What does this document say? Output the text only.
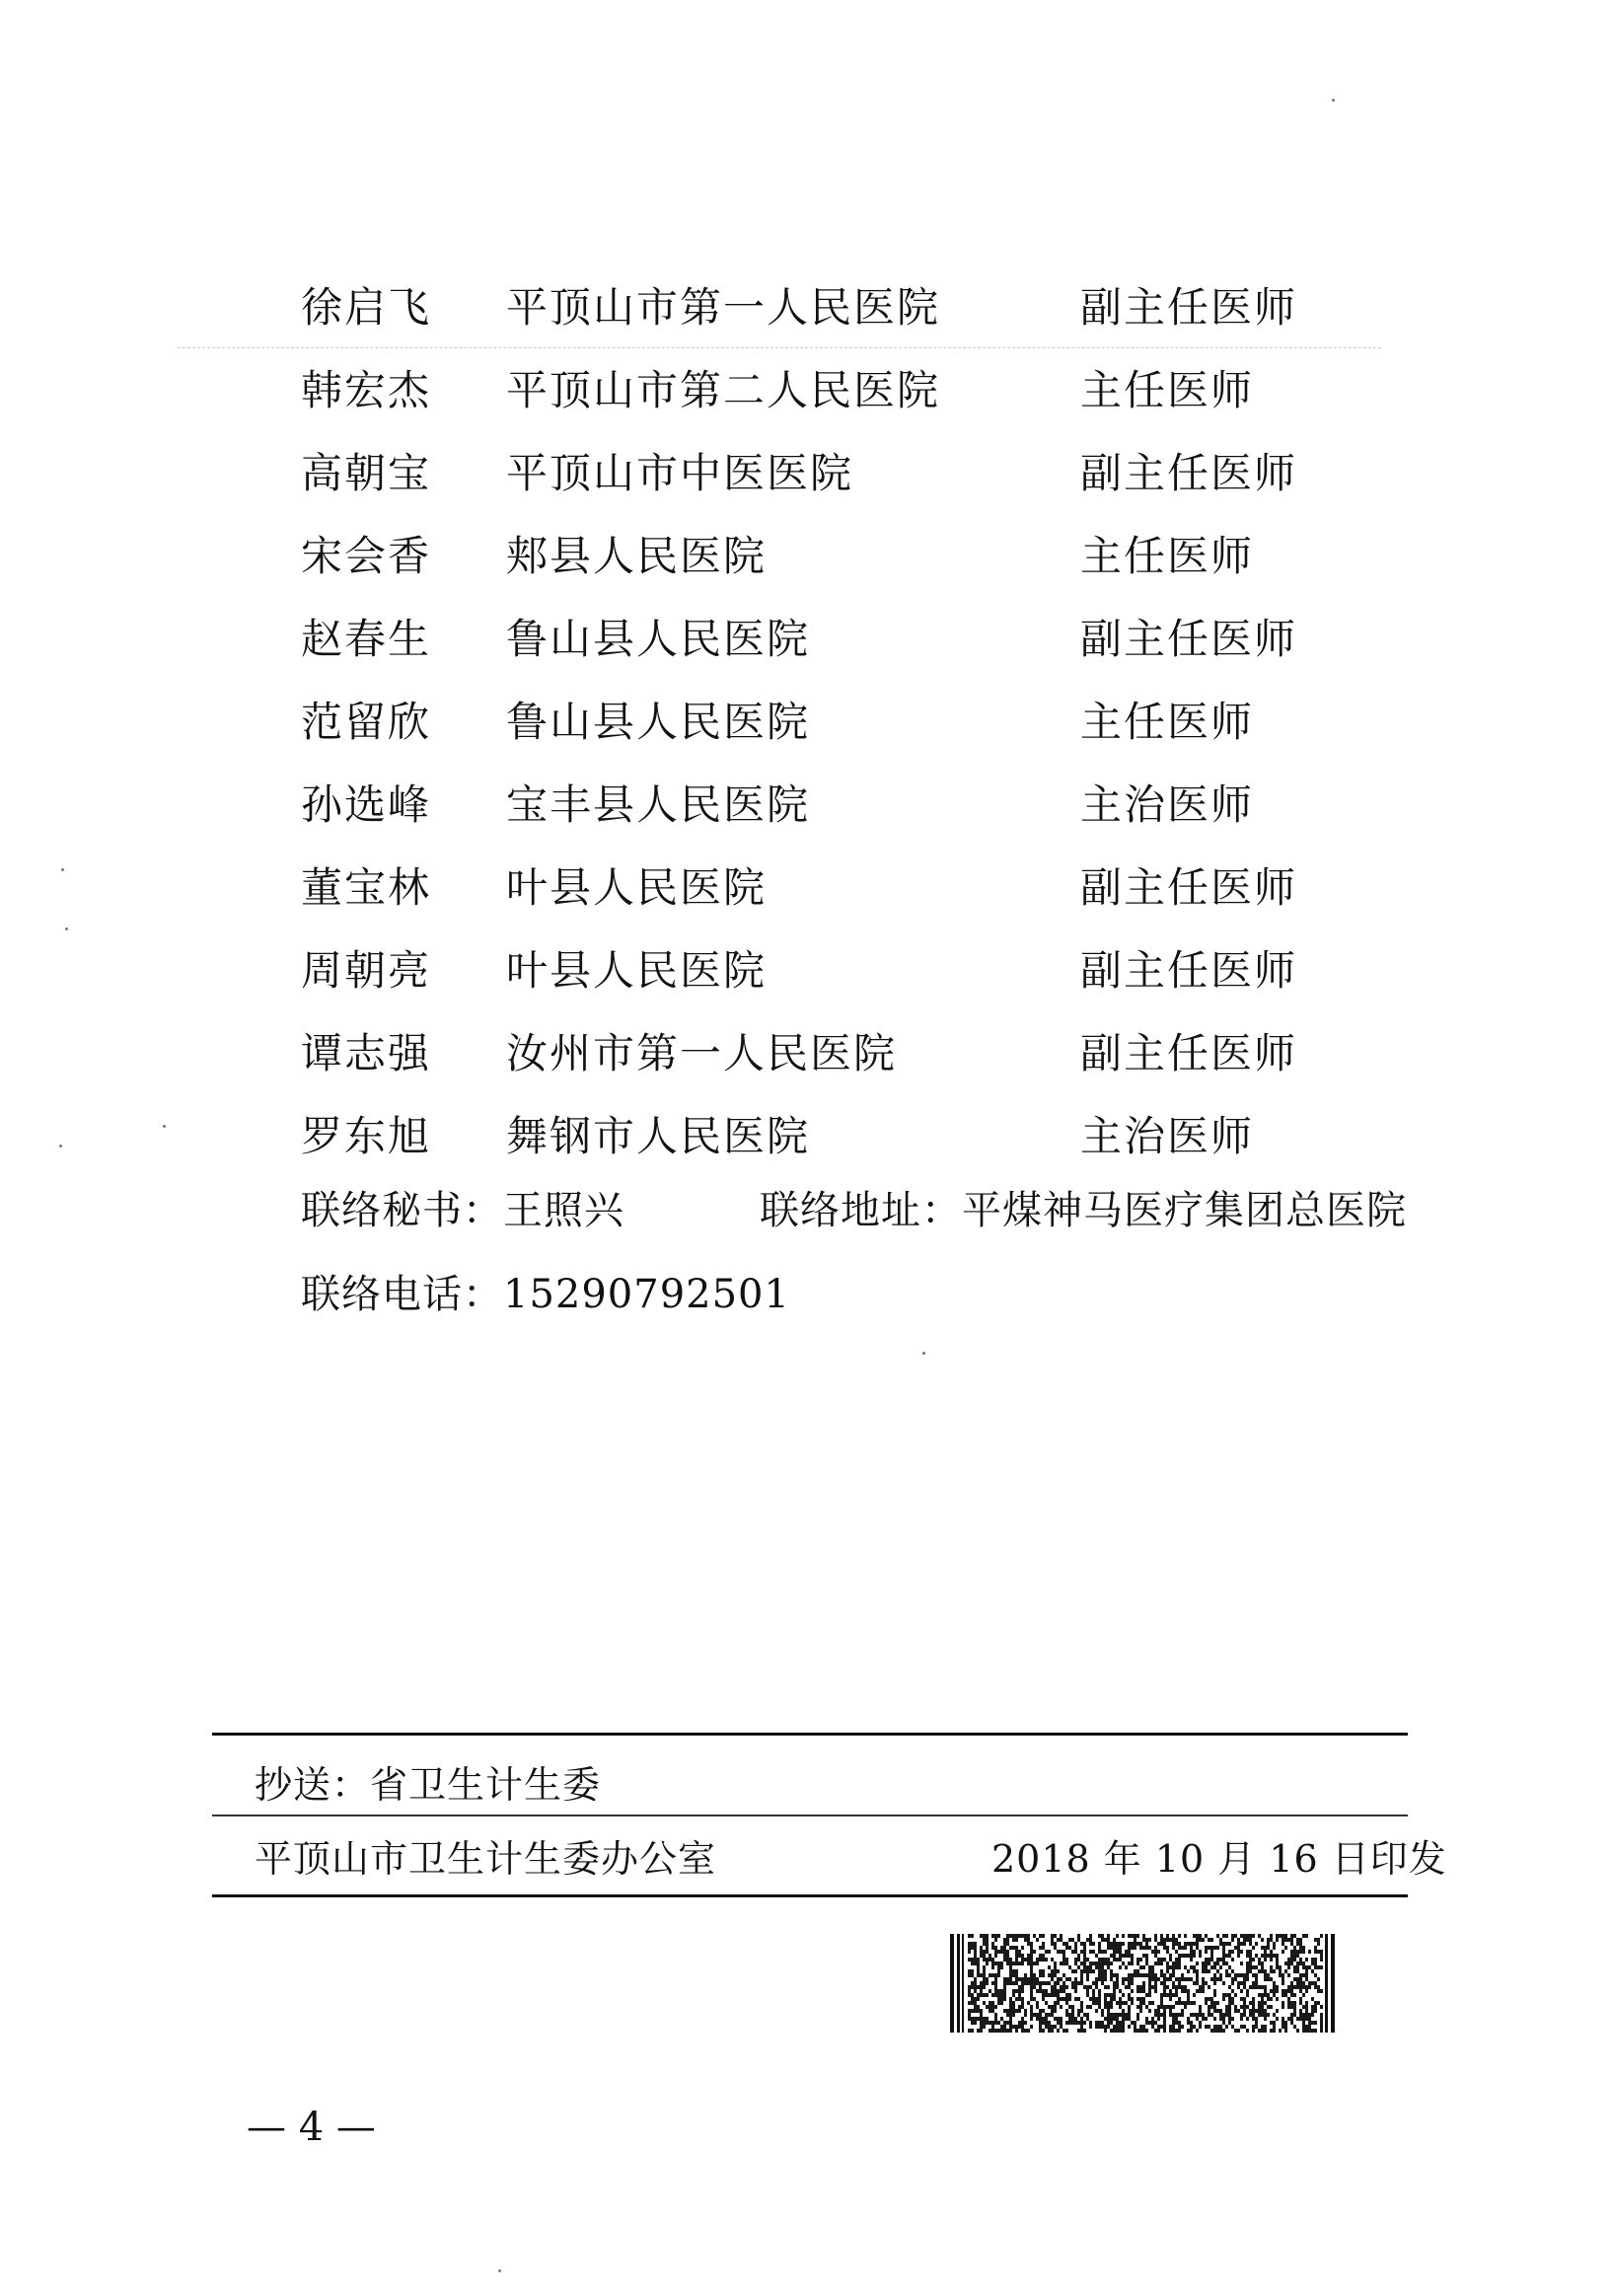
徐启飞 平顶山市第一人民医院	副主任医师
韩宏杰 平顶山市第二人民医院	主任医师
高朝宝 平顶山市中医医院	副主任医师
宋会香 郏县人民医院	主任医师
赵春生 鲁山县人民医院	副主任医师
范留欣 鲁山县人民医院	主任医师
孙选峰 宝丰县人民医院	主治医师
董宝林 叶县人民医院	副主任医师
周朝亮 叶县人民医院	副主任医师
谭志强 汝州市第一人民医院	副主任医师
罗东旭 舞钢市人民医院	主治医师
联络秘书：王照兴	联络地址：平煤神马医疗集团总医院
联络电话：15290792501
抄送：省卫生计生委
平顶山市卫生计生委办公室	2018 年 10 月 16 日印发
— 4 —
